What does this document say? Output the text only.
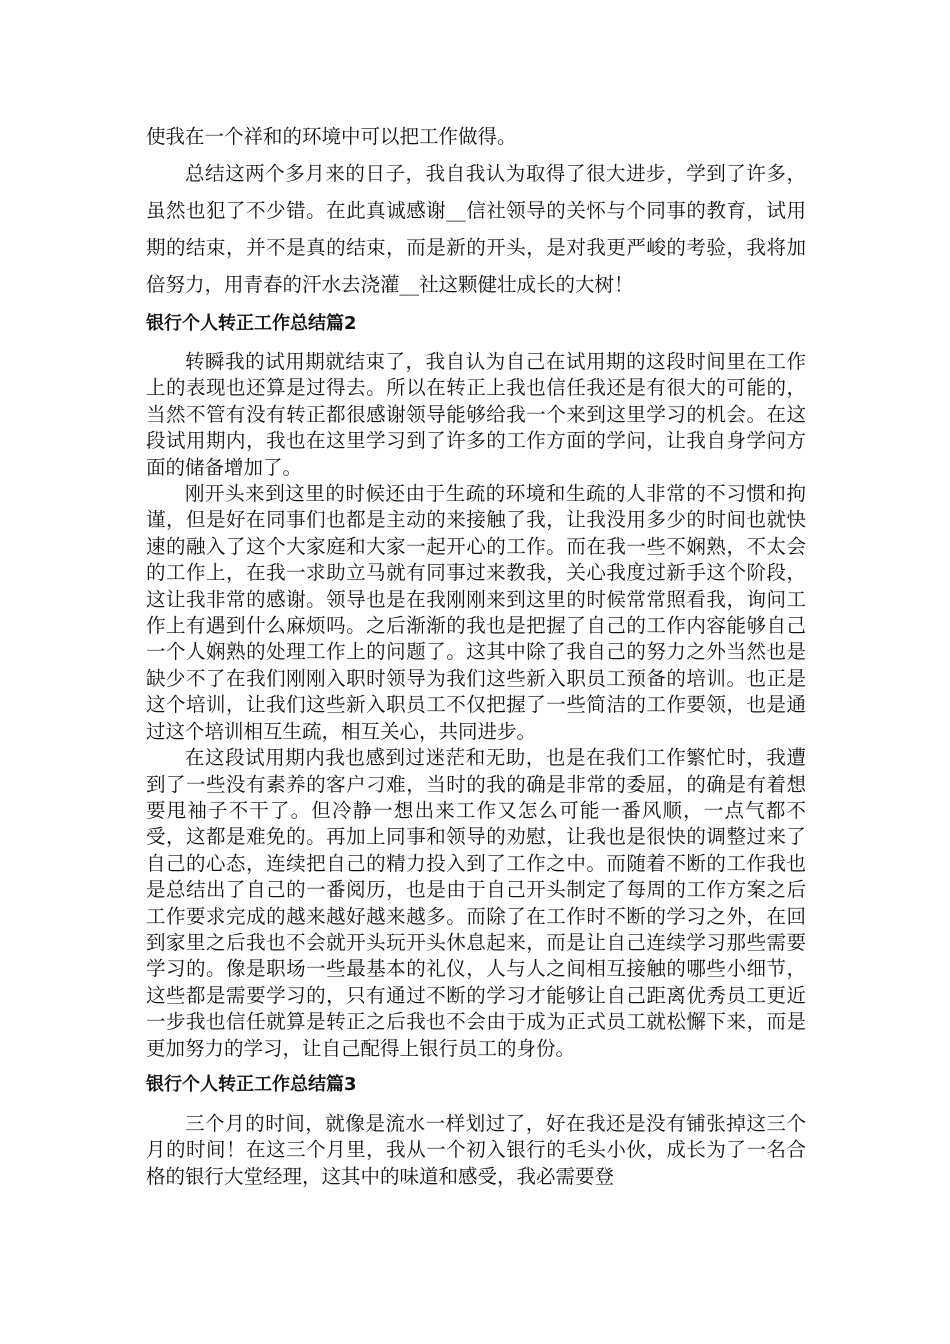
使我在一个祥和的环境中可以把工作做得。

总结这两个多月来的日子，我自我认为取得了很大进步，学到了许多，虽然也犯了不少错。在此真诚感谢__信社领导的关怀与个同事的教育，试用期的结束，并不是真的结束，而是新的开头，是对我更严峻的考验，我将加倍努力，用青春的汗水去浇灌__社这颗健壮成长的大树！

银行个人转正工作总结篇2

转瞬我的试用期就结束了，我自认为自己在试用期的这段时间里在工作上的表现也还算是过得去。所以在转正上我也信任我还是有很大的可能的，当然不管有没有转正都很感谢领导能够给我一个来到这里学习的机会。在这段试用期内，我也在这里学习到了许多的工作方面的学问，让我自身学问方面的储备增加了。

刚开头来到这里的时候还由于生疏的环境和生疏的人非常的不习惯和拘谨，但是好在同事们也都是主动的来接触了我，让我没用多少的时间也就快速的融入了这个大家庭和大家一起开心的工作。而在我一些不娴熟，不太会的工作上，在我一求助立马就有同事过来教我，关心我度过新手这个阶段，这让我非常的感谢。领导也是在我刚刚来到这里的时候常常照看我，询问工作上有遇到什么麻烦吗。之后渐渐的我也是把握了自己的工作内容能够自己一个人娴熟的处理工作上的问题了。这其中除了我自己的努力之外当然也是缺少不了在我们刚刚入职时领导为我们这些新入职员工预备的培训。也正是这个培训，让我们这些新入职员工不仅把握了一些简洁的工作要领，也是通过这个培训相互生疏，相互关心，共同进步。

在这段试用期内我也感到过迷茫和无助，也是在我们工作繁忙时，我遭到了一些没有素养的客户刁难，当时的我的确是非常的委屈，的确是有着想要甩袖子不干了。但冷静一想出来工作又怎么可能一番风顺，一点气都不受，这都是难免的。再加上同事和领导的劝慰，让我也是很快的调整过来了自己的心态，连续把自己的精力投入到了工作之中。而随着不断的工作我也是总结出了自己的一番阅历，也是由于自己开头制定了每周的工作方案之后工作要求完成的越来越好越来越多。而除了在工作时不断的学习之外，在回到家里之后我也不会就开头玩开头休息起来，而是让自己连续学习那些需要学习的。像是职场一些最基本的礼仪，人与人之间相互接触的哪些小细节，这些都是需要学习的，只有通过不断的学习才能够让自己距离优秀员工更近一步我也信任就算是转正之后我也不会由于成为正式员工就松懈下来，而是更加努力的学习，让自己配得上银行员工的身份。

银行个人转正工作总结篇3

三个月的时间，就像是流水一样划过了，好在我还是没有铺张掉这三个月的时间！在这三个月里，我从一个初入银行的毛头小伙，成长为了一名合格的银行大堂经理，这其中的味道和感受，我必需要登
